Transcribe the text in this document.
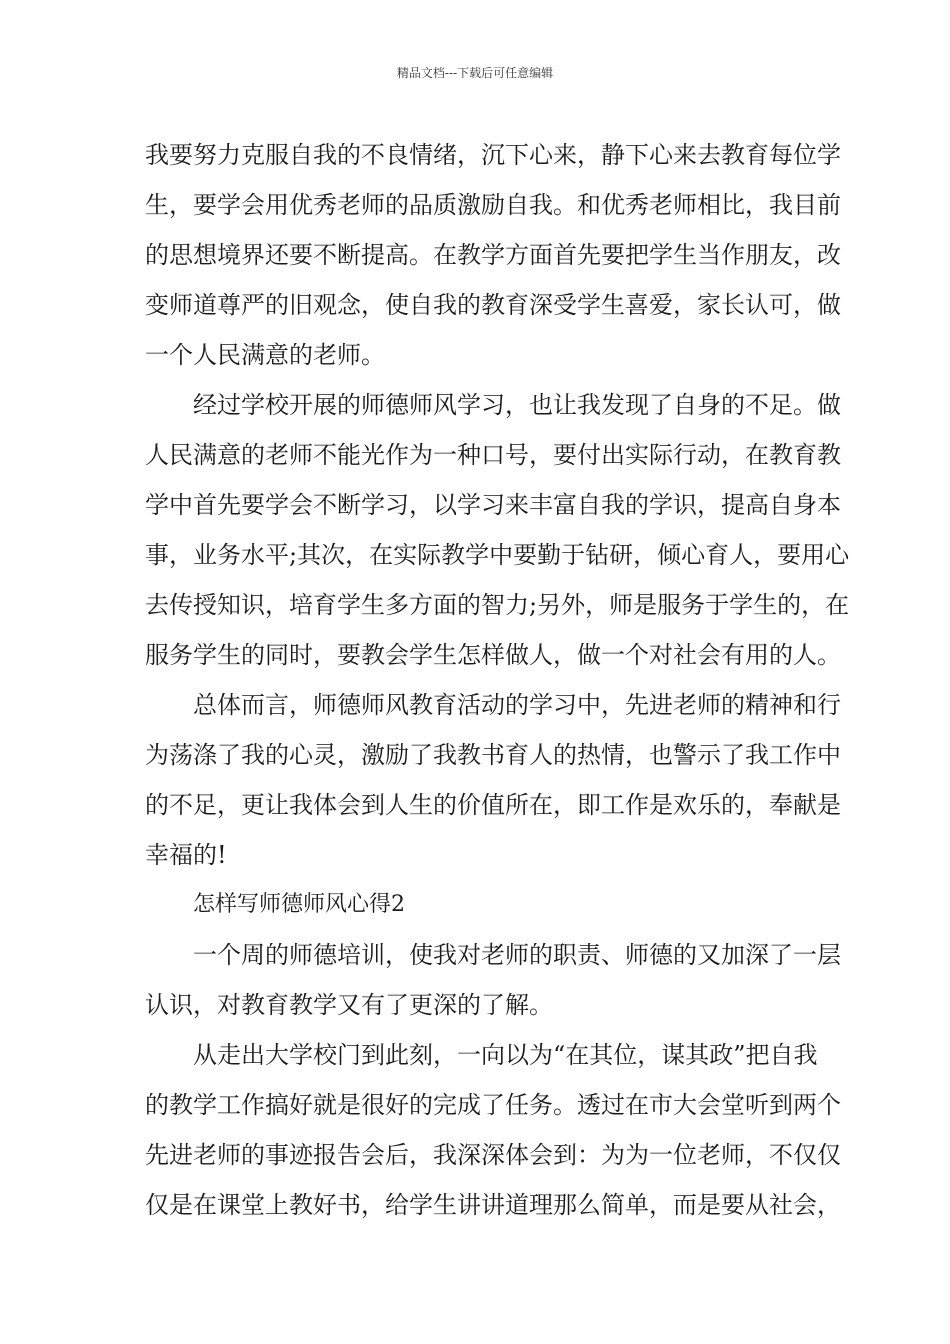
精品文档---下载后可任意编辑
我要努力克服自我的不良情绪，沉下心来，静下心来去教育每位学
生，要学会用优秀老师的品质激励自我。和优秀老师相比，我目前
的思想境界还要不断提高。在教学方面首先要把学生当作朋友，改
变师道尊严的旧观念，使自我的教育深受学生喜爱，家长认可，做
一个人民满意的老师。
经过学校开展的师德师风学习，也让我发现了自身的不足。做
人民满意的老师不能光作为一种口号，要付出实际行动，在教育教
学中首先要学会不断学习，以学习来丰富自我的学识，提高自身本
事，业务水平;其次，在实际教学中要勤于钻研，倾心育人，要用心
去传授知识，培育学生多方面的智力;另外，师是服务于学生的，在
服务学生的同时，要教会学生怎样做人，做一个对社会有用的人。
总体而言，师德师风教育活动的学习中，先进老师的精神和行
为荡涤了我的心灵，激励了我教书育人的热情，也警示了我工作中
的不足，更让我体会到人生的价值所在，即工作是欢乐的，奉献是
幸福的!
怎样写师德师风心得2
一个周的师德培训，使我对老师的职责、师德的又加深了一层
认识，对教育教学又有了更深的了解。
从走出大学校门到此刻，一向以为“在其位，谋其政”把自我
的教学工作搞好就是很好的完成了任务。透过在市大会堂听到两个
先进老师的事迹报告会后，我深深体会到：为为一位老师，不仅仅
仅是在课堂上教好书，给学生讲讲道理那么简单，而是要从社会，
